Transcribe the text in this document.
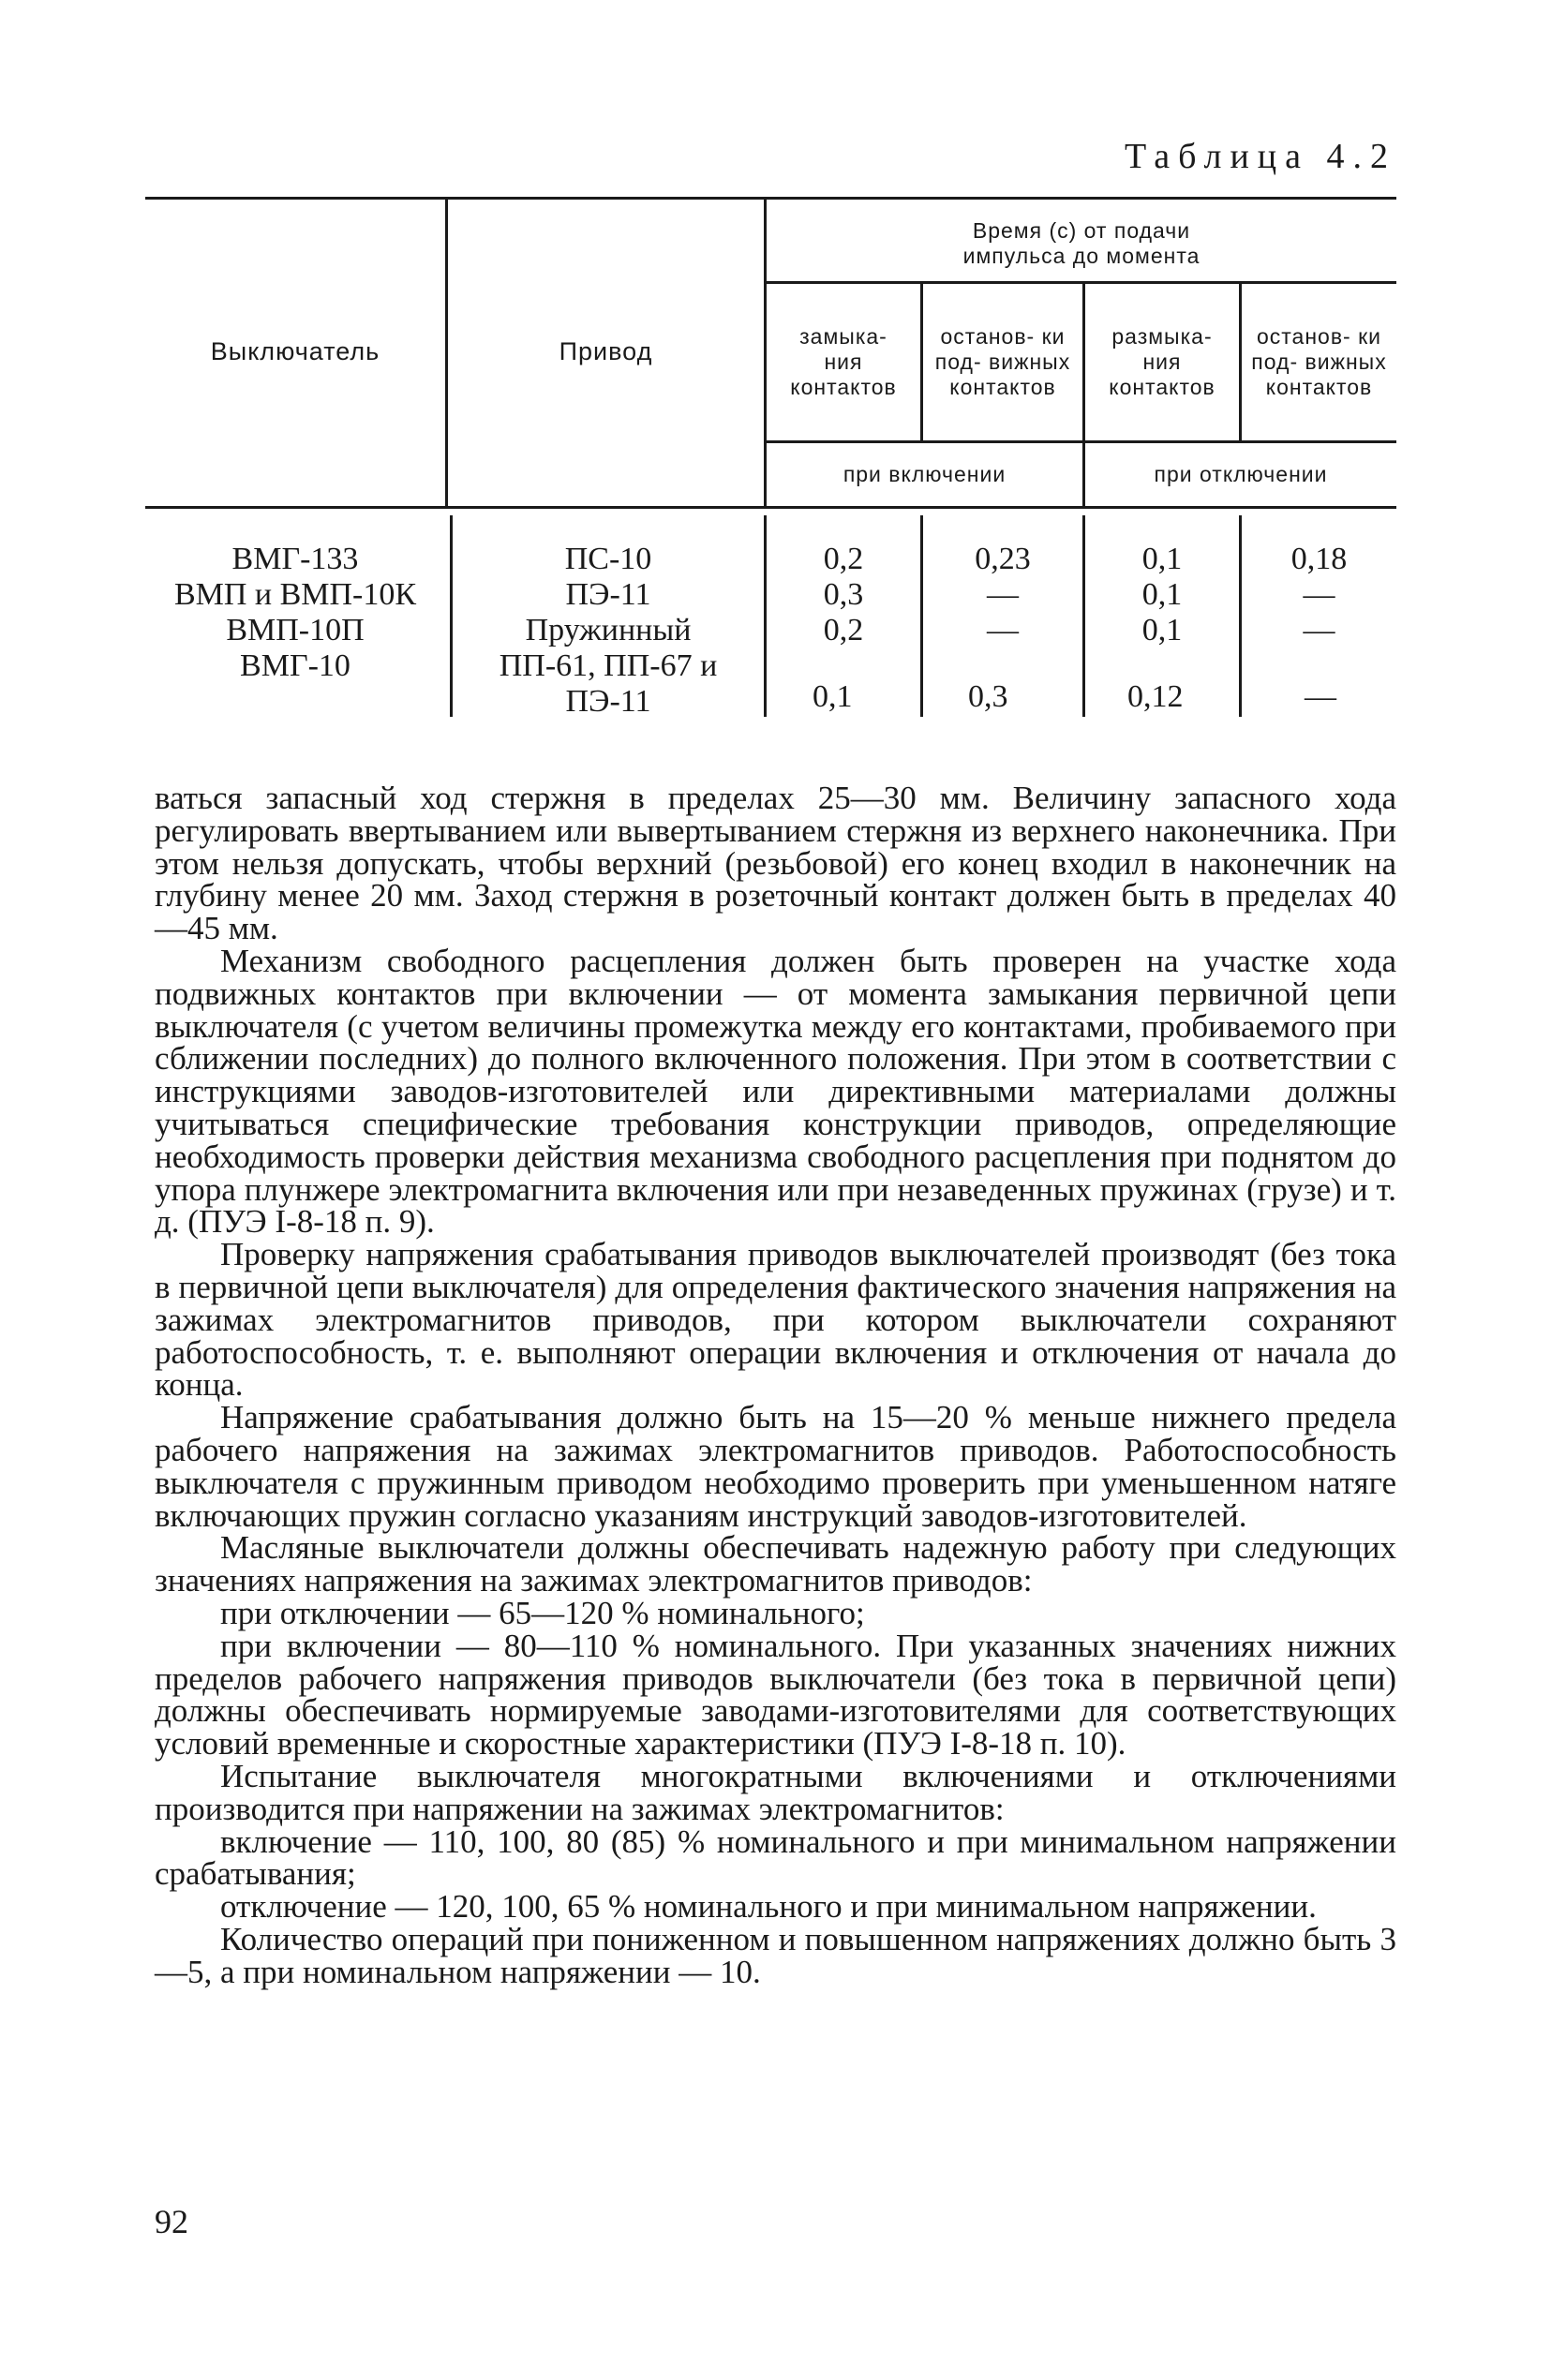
Таблица 4.2
Выключатель	Привод
Время (с) от подачи импульса до момента
замыка- ния контактов
останов- ки под- вижных контактов
размыка- ния контактов
останов- ки под- вижных контактов
при включении	при отключении
ВМГ-133
ВМП и ВМП-10К
ВМП-10П
ВМГ-10
ПС-10
ПЭ-11
Пружинный
ПП-61, ПП-67 и
ПЭ-11
0,2
0,3
0,2
0,1
0,23
—
—
0,3
0,1
0,1
0,1
0,12
0,18
—
—
—

ваться запасный ход стержня в пределах 25—30 мм. Величину запасного хода регулировать ввертыванием или вывертыванием стержня из верхнего наконечника. При этом нельзя допускать, чтобы верхний (резьбовой) его конец входил в наконечник на глубину менее 20 мм. Заход стержня в розеточный контакт должен быть в пределах 40—45 мм.

Механизм свободного расцепления должен быть проверен на участке хода подвижных контактов при включении — от момента замыкания первичной цепи выключателя (с учетом величины промежутка между его контактами, пробиваемого при сближении последних) до полного включенного положения. При этом в соответствии с инструкциями заводов-изготовителей или директивными материалами должны учитываться специфические требования конструкции приводов, определяющие необходимость проверки действия механизма свободного расцепления при поднятом до упора плунжере электромагнита включения или при незаведенных пружинах (грузе) и т. д. (ПУЭ I-8-18 п. 9).

Проверку напряжения срабатывания приводов выключателей производят (без тока в первичной цепи выключателя) для определения фактического значения напряжения на зажимах электромагнитов приводов, при котором выключатели сохраняют работоспособность, т. е. выполняют операции включения и отключения от начала до конца.

Напряжение срабатывания должно быть на 15—20 % меньше нижнего предела рабочего напряжения на зажимах электромагнитов приводов. Работоспособность выключателя с пружинным приводом необходимо проверить при уменьшенном натяге включающих пружин согласно указаниям инструкций заводов-изготовителей.

Масляные выключатели должны обеспечивать надежную работу при следующих значениях напряжения на зажимах электромагнитов приводов:

при отключении — 65—120 % номинального;

при включении — 80—110 % номинального. При указанных значениях нижних пределов рабочего напряжения приводов выключатели (без тока в первичной цепи) должны обеспечивать нормируемые заводами-изготовителями для соответствующих условий временные и скоростные характеристики (ПУЭ I-8-18 п. 10).

Испытание выключателя многократными включениями и отключениями производится при напряжении на зажимах электромагнитов:

включение — 110, 100, 80 (85) % номинального и при минимальном напряжении срабатывания;

отключение — 120, 100, 65 % номинального и при минимальном напряжении.

Количество операций при пониженном и повышенном напряжениях должно быть 3—5, а при номинальном напряжении — 10.

92
